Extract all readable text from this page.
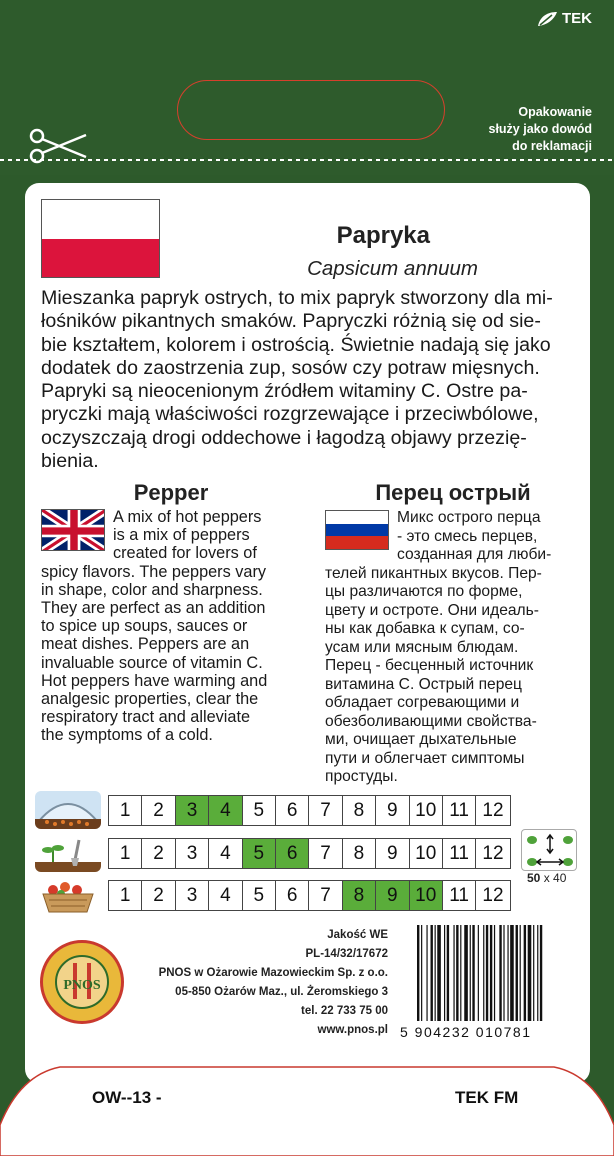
TEK
Opakowanie
służy jako dowód
do reklamacji
Papryka
Capsicum annuum
Mieszanka papryk ostrych, to mix papryk stworzony dla mi-
łośników pikantnych smaków. Papryczki różnią się od sie-
bie kształtem, kolorem i ostrością. Świetnie nadają się jako
dodatek do zaostrzenia zup, sosów czy potraw mięsnych.
Papryki są nieocenionym źródłem witaminy C. Ostre pa-
pryczki mają właściwości rozgrzewające i przeciwbólowe,
oczyszczają drogi oddechowe i łagodzą objawy przezię-
bienia.
Pepper	Перец острый
A mix of hot peppers
is a mix of peppers
created for lovers of
spicy flavors. The peppers vary
in shape, color and sharpness.
They are perfect as an addition
to spice up soups, sauces or
meat dishes. Peppers are an
invaluable source of vitamin C.
Hot peppers have warming and
analgesic properties, clear the
respiratory tract and alleviate
the symptoms of a cold.
Микс острого перца
- это смесь перцев,
созданная для люби-
телей пикантных вкусов. Пер-
цы различаются по форме,
цвету и остроте. Они идеаль-
ны как добавка к супам, со-
усам или мясным блюдам.
Перец - бесценный источник
витамина С. Острый перец
обладает согревающими и
обезболивающими свойства-
ми, очищает дыхательные
пути и облегчает симптомы
простуды.
1	2	3	4	5	6	7	8	9 10 11 12
1	2	3	4	5	6	7	8	9 10 11 12
1	2	3	4	5	6	7	8	9 10 11 12
50 x 40
PNOS
Jakość WE
PL-14/32/17672
PNOS w Ożarowie Mazowieckim Sp. z o.o.
05-850 Ożarów Maz., ul. Żeromskiego 3
tel. 22 733 75 00
www.pnos.pl 5 904232 010781
OW--13 -	TEK FM
